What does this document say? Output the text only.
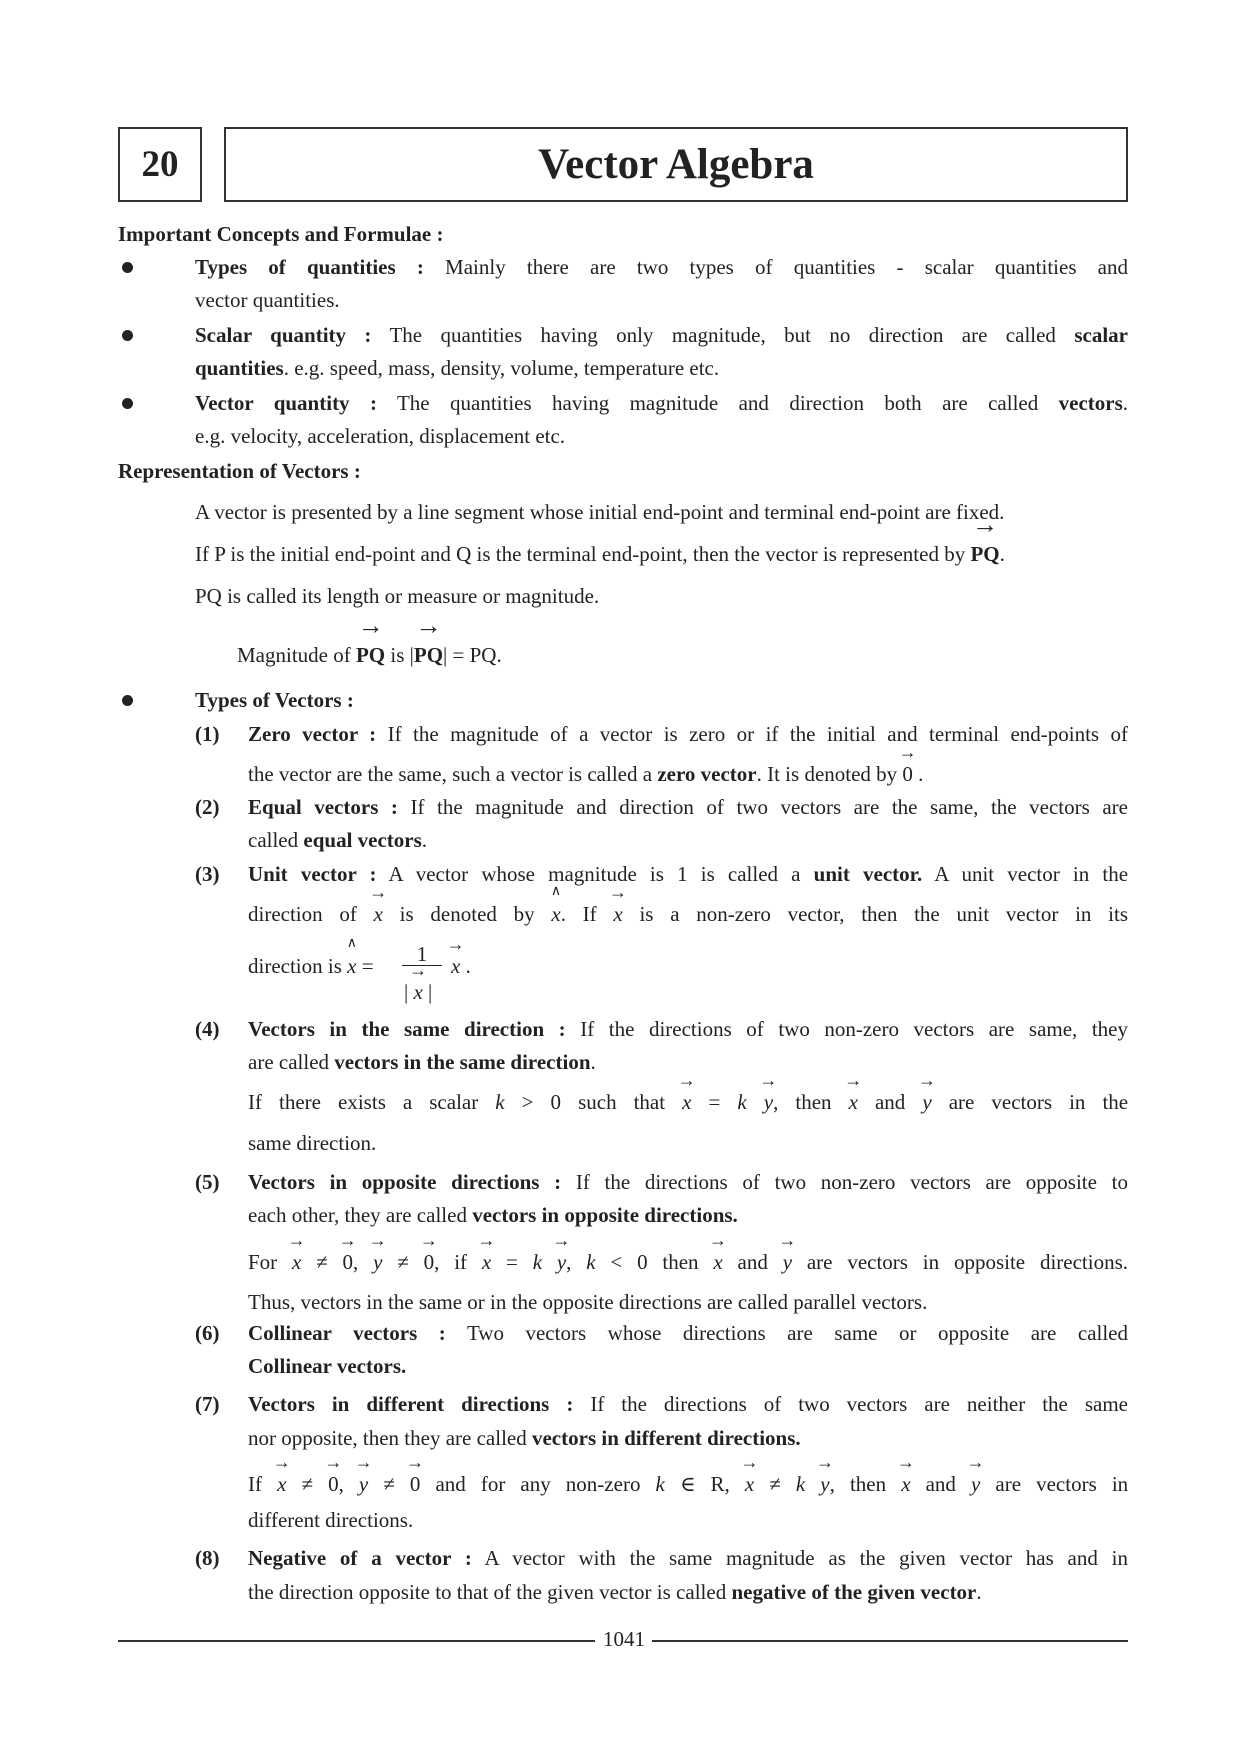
20	Vector Algebra
Important Concepts and Formulae :
Types of quantities : Mainly there are two types of quantities - scalar quantities and
vector quantities.
Scalar quantity : The quantities having only magnitude, but no direction are called scalar
quantities. e.g. speed, mass, density, volume, temperature etc.
Vector quantity : The quantities having magnitude and direction both are called vectors.
e.g. velocity, acceleration, displacement etc.
Representation of Vectors :
A vector is presented by a line segment whose initial end-point and terminal end-point are fixed.
If P is the initial end-point and Q is the terminal end-point, then the vector is represented by → PQ.
PQ is called its length or measure or magnitude.
Magnitude of → PQ is |→ PQ| = PQ.
Types of Vectors :
(1) Zero vector : If the magnitude of a vector is zero or if the initial and terminal end-points of
the vector are the same, such a vector is called a zero vector. It is denoted by → 0 .
(2) Equal vectors : If the magnitude and direction of two vectors are the same, the vectors are
called equal vectors.
(3) Unit vector : A vector whose magnitude is 1 is called a unit vector. A unit vector in the
direction of → x is denoted by ∧ x. If → x is a non-zero vector, then the unit vector in its
direction is ∧ x =	1
| → x |
→ x .
(4) Vectors in the same direction : If the directions of two non-zero vectors are same, they
are called vectors in the same direction.
If there exists a scalar k > 0 such that → x = k → y, then → x and → y are vectors in the
same direction.
(5) Vectors in opposite directions : If the directions of two non-zero vectors are opposite to
each other, they are called vectors in opposite directions.
For → x ≠ → 0, → y ≠ → 0, if → x = k → y, k < 0 then → x and → y are vectors in opposite directions.
Thus, vectors in the same or in the opposite directions are called parallel vectors.
(6) Collinear vectors : Two vectors whose directions are same or opposite are called
Collinear vectors.
(7) Vectors in different directions : If the directions of two vectors are neither the same
nor opposite, then they are called vectors in different directions.
If → x ≠ → 0, → y ≠ → 0 and for any non-zero k ∈ R, → x ≠ k → y, then → x and → y are vectors in
different directions.
(8) Negative of a vector : A vector with the same magnitude as the given vector has and in
the direction opposite to that of the given vector is called negative of the given vector.
1041
